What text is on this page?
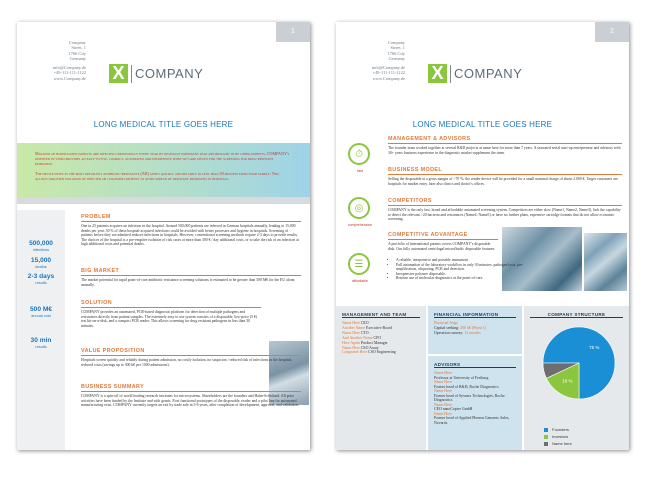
1
Company
Street, 1
1766 City
Germany
info@Company.de
+49-111-111-1122
www.Company.de X COMPANY
LONG MEDICAL TITLE GOES HERE

Millions of hospitalized patients are infected unknowingly every year by resistant pathogens that are brought in by other patients. COMPANY's patented in-vitro provides an easy-to-use, compact, automated and inexpensive point-of-care device for the screening for drug-resistant pathogens.

The device detects the most prevalent antibiotic-resistance (AR) genes quickly and reliably in less than 30 minutes from swab sample. This allows targeted isolation of infected or colonized patients to avoid spread of resistant pathogens in hospitals.

500,000
infections
15,000
deaths
2-3 days
results
500 M€
annual cost
30 min
results
PROBLEM
One in 25 patients acquires an infection in the hospital. Around 500,000 patients are infected in German hospitals annually, leading to 15,000 deaths per year. 30 % of these hospital-acquired infections could be avoided with better processes and hygiene in hospitals. Screening of patients before they are admitted reduces infections in hospitals. However, conventional screening methods require 2-3 days to provide results. The choices of the hospital is a pre-emptive isolation of risk cases at more than 300 € / day additional costs, or to take the risk of an infection at high additional costs and potential deaths.
BIG MARKET
The market potential for rapid point-of-care antibiotic resistance screening solutions is estimated to be greater than 500 M€ for the EU alone, annually.
SOLUTION
COMPANY provides an automated, PCR-based diagnostic platform for detection of multiple pathogens and resistances directly from patient samples. The extremely easy to use system consists of a disposable, low-price (5 €) test kit-on-a-disk, and a compact PCR reader. This allows screening for drug resistant pathogens in less than 30 minutes.
VALUE PROPOSITION
Hospitals screen quickly and reliably during patient admission, no costly isolation, no suspicion / reduced risk of infections in the hospital, reduced costs (savings up to 300 k€ per 1000 admissions).
BUSINESS SUMMARY
COMPANY is a spin-off of world leading research institutes for microsystems. Shareholders are the founders and Hahn-Schickard. All prior activities have been funded by the Institute and with grants. First functional prototypes of the disposable, reader and a pilot line for automated manufacturing exist. COMPANY currently targets an exit by trade sale in 5-6 years, after completion of development, approval, and validation.
2
Company
Street, 1
1766 City
Germany
info@Company.de
+49-111-111-1122
www.Company.de X COMPANY
LONG MEDICAL TITLE GOES HERE
⏱
fast
◎
comprehensive
☰
affordable
MANAGEMENT & ADVISORS
The founder team worked together at several R&D projects at name here for more than 7 years. A seasoned serial start-up entrepreneur and advisors with 30+ years business experience in the diagnostic market supplement the team.
BUSINESS MODEL
Selling the disposable at a gross margin of >70 %; the reader device will be provided for a small nominal charge of about 2.000 €. Target customers are hospitals for market entry, later also clinics and doctor's offices.
COMPETITORS
COMPANY is the only fast, broad and affordable automated screening system. Competitors are either slow (Name1, Name2, Name3), lack the capability to detect the relevant >20 bacteria and resistances (Name4, Name5) or have no further plans, expensive cartridge formats that do not allow economic screening.
COMPETITIVE ADVANTAGE
A portfolio of international patents covers COMPANY's disposable disk. Our fully automated centrifugal microfluidic disposable features:
• A reliable, inexpensive and portable instrument
• Full automation of the laboratory workflow in only 30 minutes: pathogen lysis, pre-amplification, aliquoting, PCR and detection.
• Inexpensive polymer disposable.
• Routine use of molecular diagnostics at the point-of-care.
MANAGEMENT AND TEAM
Name Here CEO
Another Name Executive Board
Name Here CTO
And Another Name CFO
Here Again Product Manager
Name Here CSO Assay
Longname Here CSO Engineering
FINANCIAL INFORMATION
Financial Stage
Capital seeking: 200 k€ (Phase I)
Operation runway: 12 months
ADVISORS
Name Here
Professor at University of Freiburg
Name Here
Former head of R&D, Roche Diagnostics
Name Here
Former head of Sysmex Technologies, Roche Diagnostics
Name Here
CEO nanoCopter GmbH
Name Here
Former head of Applied Phenon Genomic Sales, Novartis
COMPANY STRUCTURE
75 %
18 %
Founders
Investors
Name here
